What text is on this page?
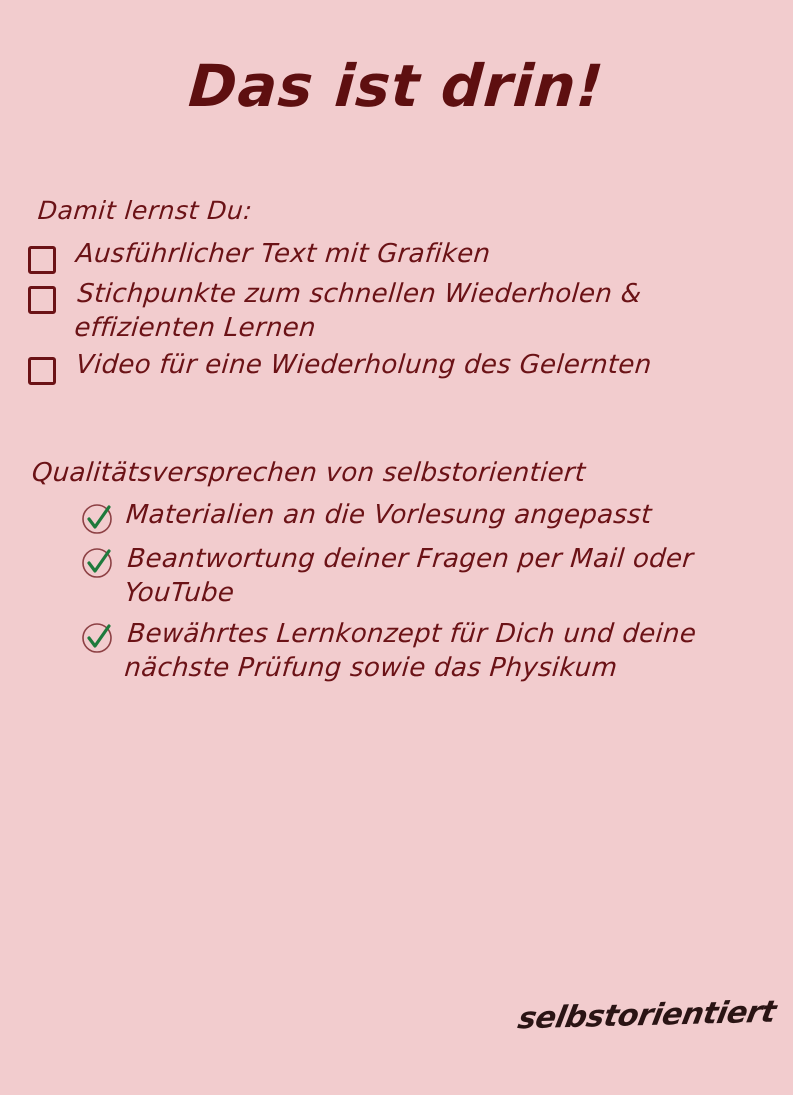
Das ist drin!
Damit lernst Du:
Ausführlicher Text mit Grafiken
Stichpunkte zum schnellen Wiederholen & effizienten Lernen
Video für eine Wiederholung des Gelernten
Qualitätsversprechen von selbstorientiert
Materialien an die Vorlesung angepasst
Beantwortung deiner Fragen per Mail oder YouTube
Bewährtes Lernkonzept für Dich und deine nächste Prüfung sowie das Physikum
selbstorientiert
